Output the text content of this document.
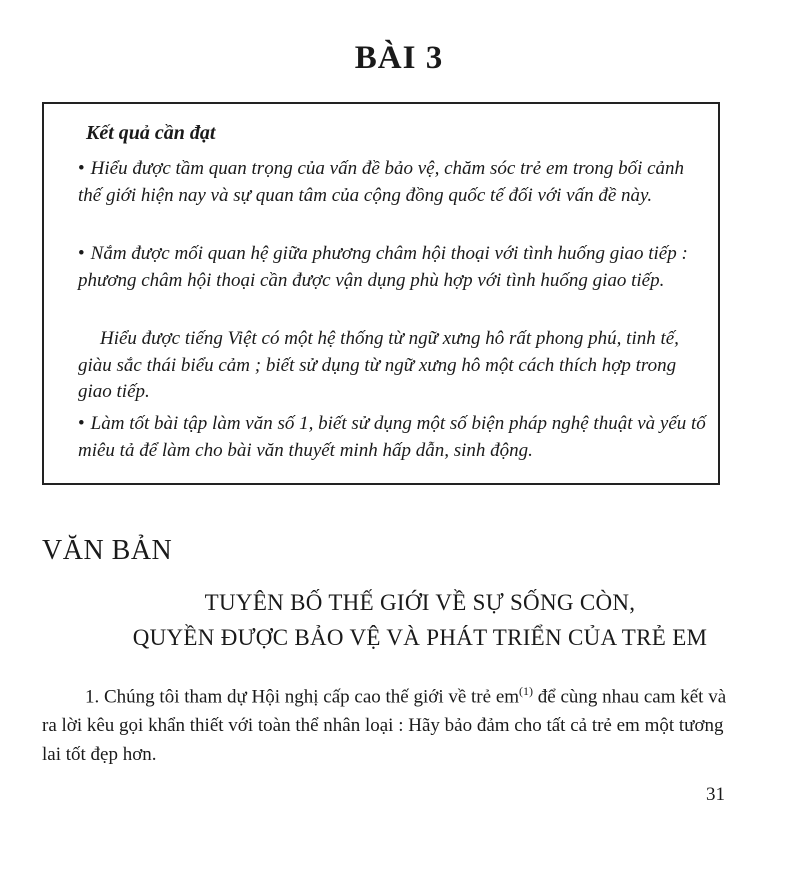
BÀI 3
Kết quả cần đạt
• Hiểu được tầm quan trọng của vấn đề bảo vệ, chăm sóc trẻ em trong bối cảnh thế giới hiện nay và sự quan tâm của cộng đồng quốc tế đối với vấn đề này.
• Nắm được mối quan hệ giữa phương châm hội thoại với tình huống giao tiếp : phương châm hội thoại cần được vận dụng phù hợp với tình huống giao tiếp.
Hiểu được tiếng Việt có một hệ thống từ ngữ xưng hô rất phong phú, tinh tế, giàu sắc thái biểu cảm ; biết sử dụng từ ngữ xưng hô một cách thích hợp trong giao tiếp.
• Làm tốt bài tập làm văn số 1, biết sử dụng một số biện pháp nghệ thuật và yếu tố miêu tả để làm cho bài văn thuyết minh hấp dẫn, sinh động.
VĂN BẢN
TUYÊN BỐ THẾ GIỚI VỀ SỰ SỐNG CÒN,
QUYỀN ĐƯỢC BẢO VỆ VÀ PHÁT TRIỂN CỦA TRẺ EM
1. Chúng tôi tham dự Hội nghị cấp cao thế giới về trẻ $em^{(1)}$ để cùng nhau cam kết và ra lời kêu gọi khẩn thiết với toàn thể nhân loại : Hãy bảo đảm cho tất cả trẻ em một tương lai tốt đẹp hơn.
31
